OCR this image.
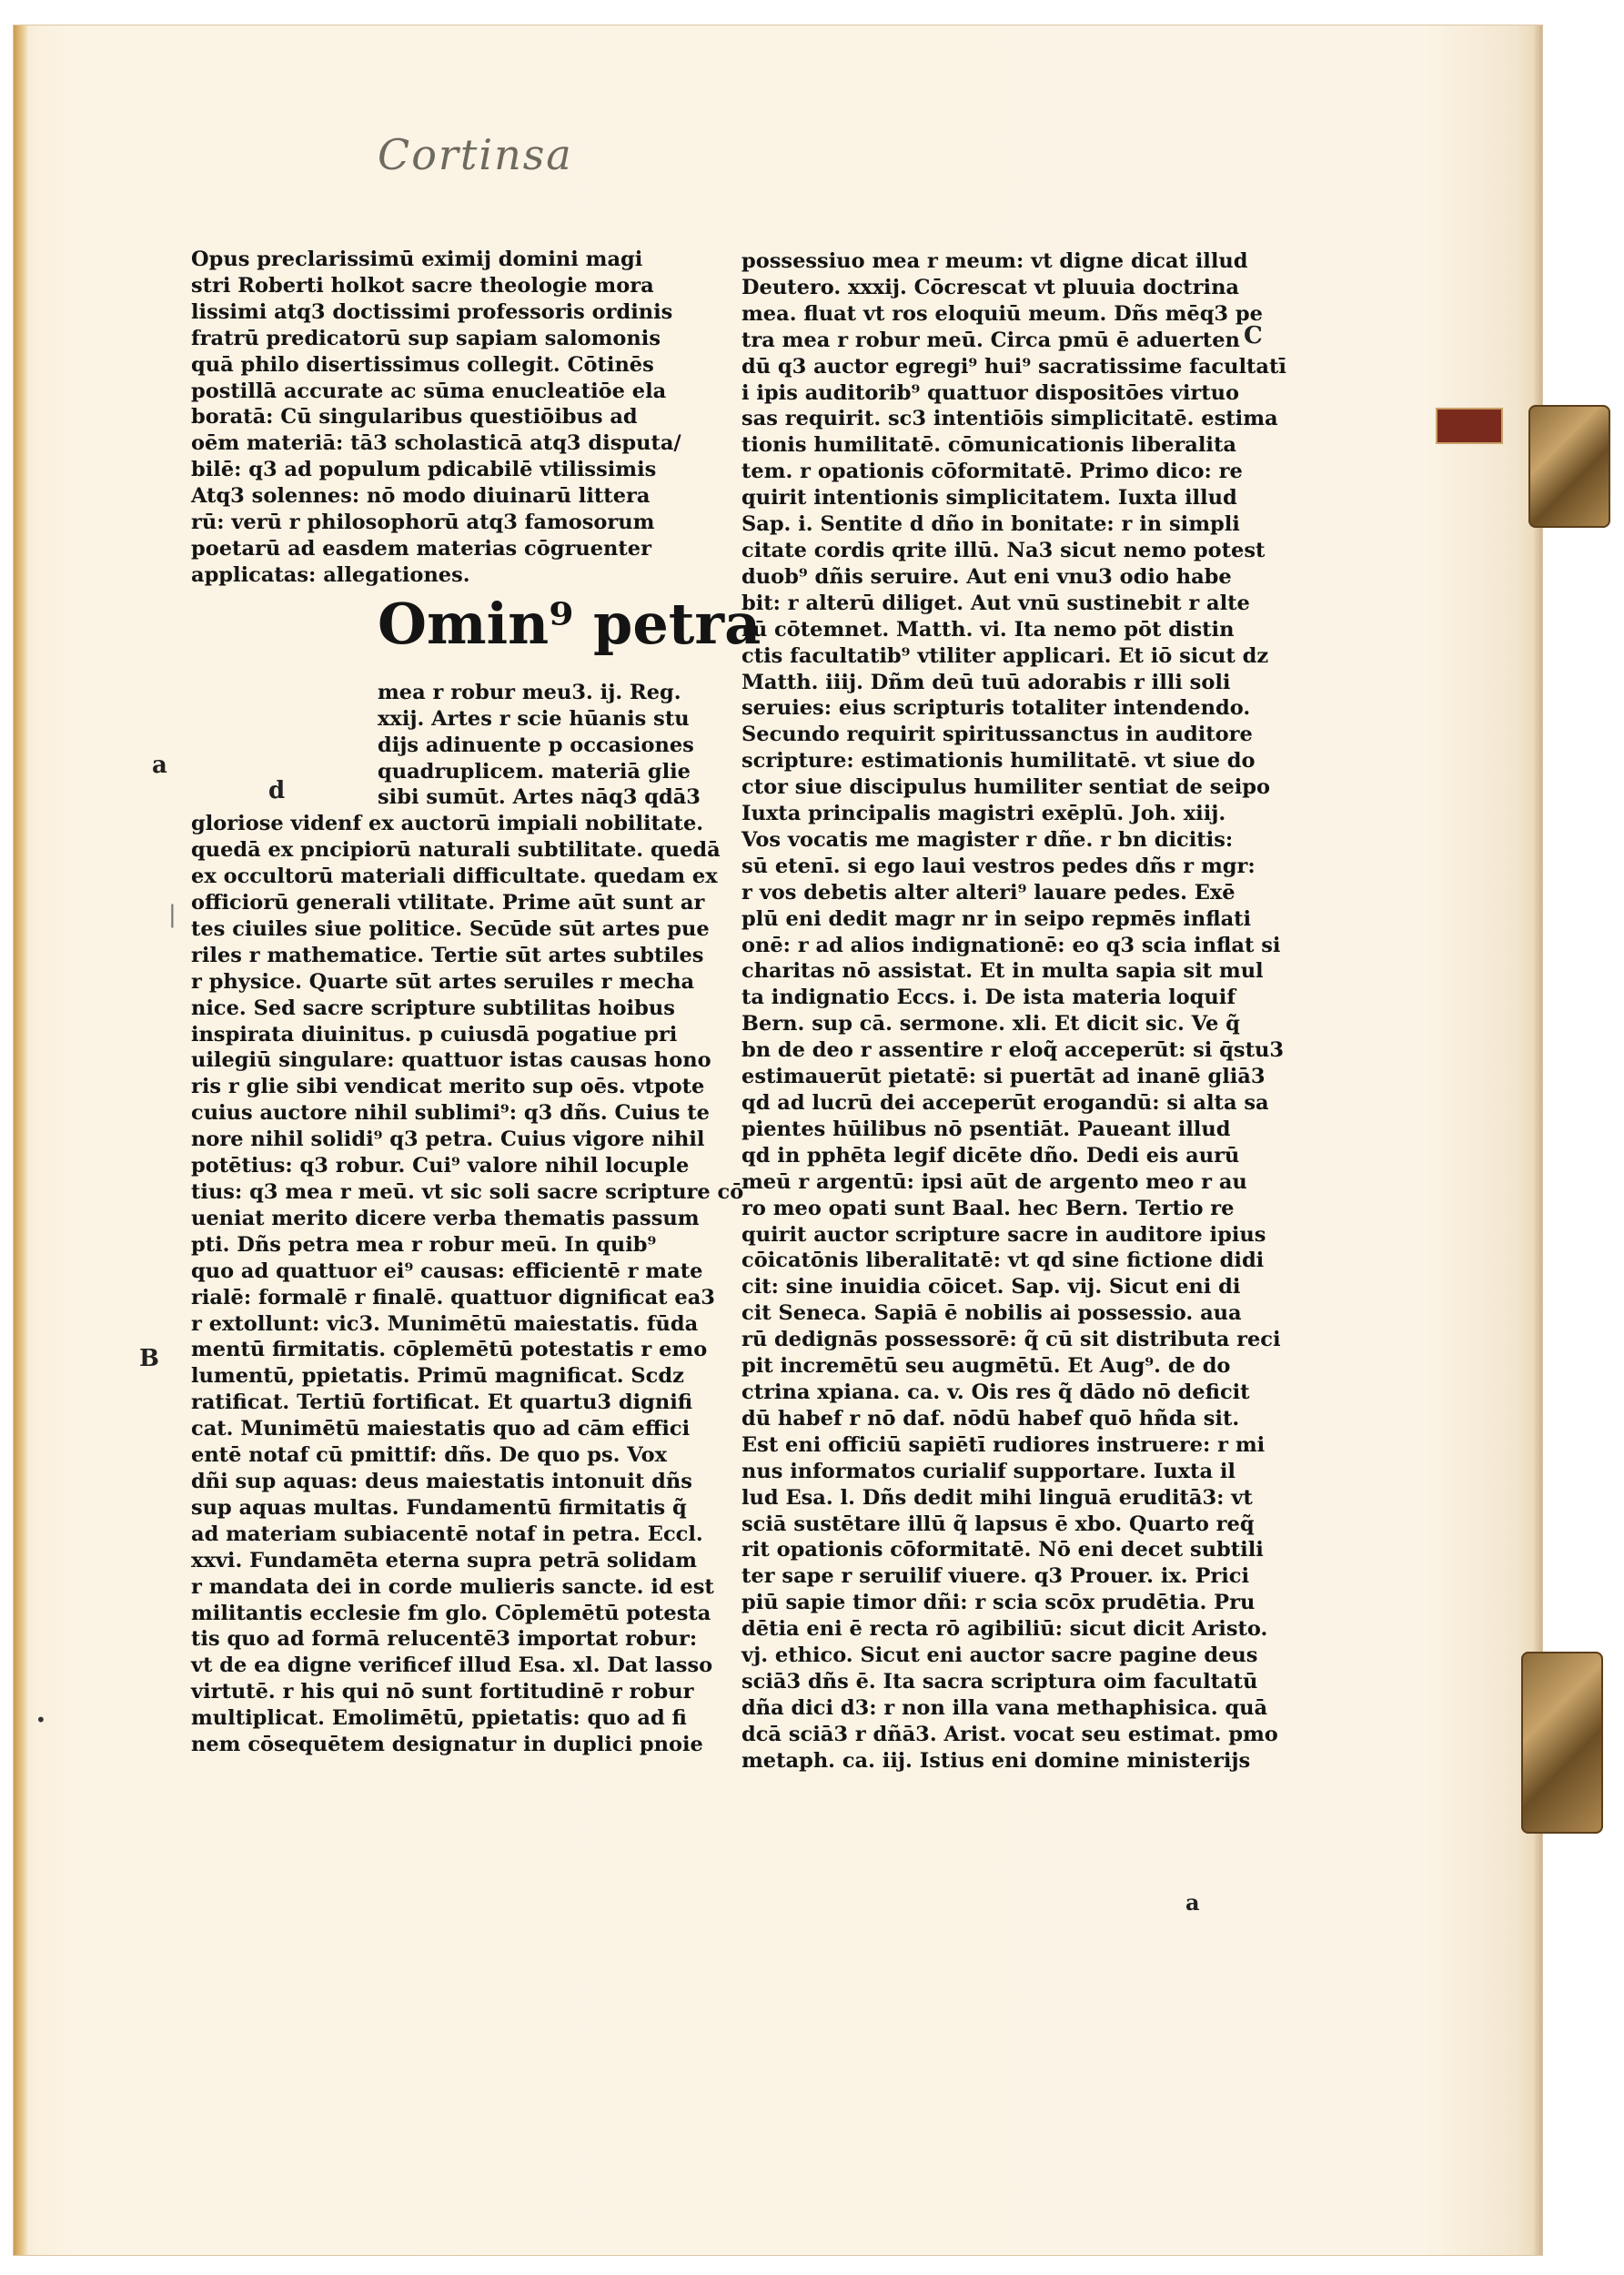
Cortinsa
Opus preclarissimū eximij domini magi
stri Roberti holkot sacre theologie mora
lissimi atq3 doctissimi professoris ordinis
fratrū predicatorū sup sapiam salomonis
quā philo disertissimus collegit. Cōtinēs
postillā accurate ac sūma enucleatiōe ela
boratā: Cū singularibus questiōibus ad
oēm materiā: tā3 scholasticā atq3 disputa/
bilē: q3 ad populum pdicabilē vtilissimis
Atq3 solennes: nō modo diuinarū littera
rū: verū r philosophorū atq3 famosorum
poetarū ad easdem materias cōgruenter
applicatas: allegationes.
Omin⁹ petra
mea r robur meu3. ij. Reg.
xxij. Artes r scie hūanis stu
dijs adinuente p occasiones
quadruplicem. materiā glie
sibi sumūt. Artes nāq3 qdā3
gloriose videnf ex auctorū impiali nobilitate.
quedā ex pncipiorū naturali subtilitate. quedā
ex occultorū materiali difficultate. quedam ex
officiorū generali vtilitate. Prime aūt sunt ar
tes ciuiles siue politice. Secūde sūt artes pue
riles r mathematice. Tertie sūt artes subtiles
r physice. Quarte sūt artes seruiles r mecha
nice. Sed sacre scripture subtilitas hoibus
inspirata diuinitus. p cuiusdā pogatiue pri
uilegiū singulare: quattuor istas causas hono
ris r glie sibi vendicat merito sup oēs. vtpote
cuius auctore nihil sublimi⁹: q3 dñs. Cuius te
nore nihil solidi⁹ q3 petra. Cuius vigore nihil
potētius: q3 robur. Cui⁹ valore nihil locuple
tius: q3 mea r meū. vt sic soli sacre scripture cō
ueniat merito dicere verba thematis passum
pti. Dñs petra mea r robur meū. In quib⁹
quo ad quattuor ei⁹ causas: efficientē r mate
rialē: formalē r finalē. quattuor dignificat ea3
r extollunt: vic3. Munimētū maiestatis. fūda
mentū firmitatis. cōplemētū potestatis r emo
lumentū, ppietatis. Primū magnificat. Scdz
ratificat. Tertiū fortificat. Et quartu3 dignifi
cat. Munimētū maiestatis quo ad cām effici
entē notaf cū pmittif: dñs. De quo ps. Vox
dñi sup aquas: deus maiestatis intonuit dñs
sup aquas multas. Fundamentū firmitatis q̃
ad materiam subiacentē notaf in petra. Eccl.
xxvi. Fundamēta eterna supra petrā solidam
r mandata dei in corde mulieris sancte. id est
militantis ecclesie fm glo. Cōplemētū potesta
tis quo ad formā relucentē3 importat robur:
vt de ea digne verificef illud Esa. xl. Dat lasso
virtutē. r his qui nō sunt fortitudinē r robur
multiplicat. Emolimētū, ppietatis: quo ad fi
nem cōsequētem designatur in duplici pnoie
possessiuo mea r meum: vt digne dicat illud
Deutero. xxxij. Cōcrescat vt pluuia doctrina
mea. fluat vt ros eloquiū meum. Dñs mēq3 pe
tra mea r robur meū. Circa pmū ē aduerten
dū q3 auctor egregi⁹ hui⁹ sacratissime facultatī
i ipis auditorib⁹ quattuor dispositōes virtuo
sas requirit. sc3 intentiōis simplicitatē. estima
tionis humilitatē. cōmunicationis liberalita
tem. r opationis cōformitatē. Primo dico: re
quirit intentionis simplicitatem. Iuxta illud
Sap. i. Sentite d dño in bonitate: r in simpli
citate cordis qrite illū. Na3 sicut nemo potest
duob⁹ dñis seruire. Aut eni vnu3 odio habe
bit: r alterū diliget. Aut vnū sustinebit r alte
rū cōtemnet. Matth. vi. Ita nemo pōt distin
ctis facultatib⁹ vtiliter applicari. Et iō sicut dz
Matth. iiij. Dñm deū tuū adorabis r illi soli
seruies: eius scripturis totaliter intendendo.
Secundo requirit spiritussanctus in auditore
scripture: estimationis humilitatē. vt siue do
ctor siue discipulus humiliter sentiat de seipo
Iuxta principalis magistri exēplū. Joh. xiij.
Vos vocatis me magister r dñe. r bn dicitis:
sū etenī. si ego laui vestros pedes dñs r mgr:
r vos debetis alter alteri⁹ lauare pedes. Exē
plū eni dedit magr nr in seipo repmēs inflati
onē: r ad alios indignationē: eo q3 scia inflat si
charitas nō assistat. Et in multa sapia sit mul
ta indignatio Eccs. i. De ista materia loquif
Bern. sup cā. sermone. xli. Et dicit sic. Ve q̃
bn de deo r assentire r eloq̃ acceperūt: si q̄stu3
estimauerūt pietatē: si puertāt ad inanē gliā3
qd ad lucrū dei acceperūt erogandū: si alta sa
pientes hūilibus nō psentiāt. Paueant illud
qd in pphēta legif dicēte dño. Dedi eis aurū
meū r argentū: ipsi aūt de argento meo r au
ro meo opati sunt Baal. hec Bern. Tertio re
quirit auctor scripture sacre in auditore ipius
cōicatōnis liberalitatē: vt qd sine fictione didi
cit: sine inuidia cōicet. Sap. vij. Sicut eni di
cit Seneca. Sapiā ē nobilis ai possessio. aua
rū dedignās possessorē: q̃ cū sit distributa reci
pit incremētū seu augmētū. Et Aug⁹. de do
ctrina xpiana. ca. v. Ois res q̃ dādo nō deficit
dū habef r nō daf. nōdū habef quō hñda sit.
Est eni officiū sapiētī rudiores instruere: r mi
nus informatos curialif supportare. Iuxta il
lud Esa. l. Dñs dedit mihi linguā eruditā3: vt
sciā sustētare illū q̃ lapsus ē xbo. Quarto req̃
rit opationis cōformitatē. Nō eni decet subtili
ter sape r seruilif viuere. q3 Prouer. ix. Prici
piū sapie timor dñi: r scia scōx prudētia. Pru
dētia eni ē recta rō agibiliū: sicut dicit Aristo.
vj. ethico. Sicut eni auctor sacre pagine deus
sciā3 dñs ē. Ita sacra scriptura oim facultatū
dña dici d3: r non illa vana methaphisica. quā
dcā sciā3 r dñā3. Arist. vocat seu estimat. pmo
metaph. ca. iij. Istius eni domine ministerijs
a
d
B
C
|
•
a
